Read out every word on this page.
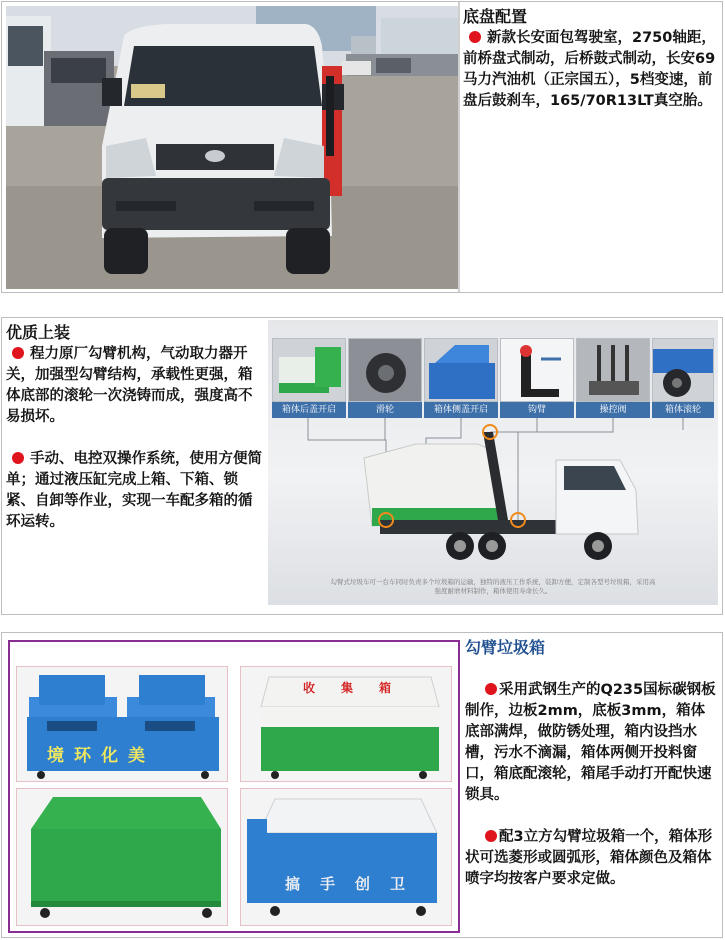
底盘配置
新款长安面包驾驶室，2750轴距，前桥盘式制动，后桥鼓式制动，长安69马力汽油机（正宗国五），5档变速，前盘后鼓刹车，165/70R13LT真空胎。
优质上装
程力原厂勾臂机构，气动取力器开关，加强型勾臂结构，承载性更强，箱体底部的滚轮一次浇铸而成，强度高不易损坏。
手动、电控双操作系统，使用方便简单；通过液压缸完成上箱、下箱、锁紧、自卸等作业，实现一车配多箱的循环运转。
箱体后盖开启	滑轮	箱体侧盖开启	钩臂	操控阀	箱体滚轮
勾臂式垃圾车可一台车同时负责多个垃圾箱的运输，独特的液压工作系统，装卸方便，定制各型号垃圾箱，采用高强度耐磨材料制作，箱体使用寿命长久。
勾臂垃圾箱
采用武钢生产的Q235国标碳钢板制作，边板2mm，底板3mm，箱体底部满焊，做防锈处理，箱内设挡水槽，污水不滴漏，箱体两侧开投料窗口，箱底配滚轮，箱尾手动打开配快速锁具。
配3立方勾臂垃圾箱一个，箱体形状可选菱形或圆弧形，箱体颜色及箱体喷字均按客户要求定做。
境环化美
收集箱
搞手创卫
